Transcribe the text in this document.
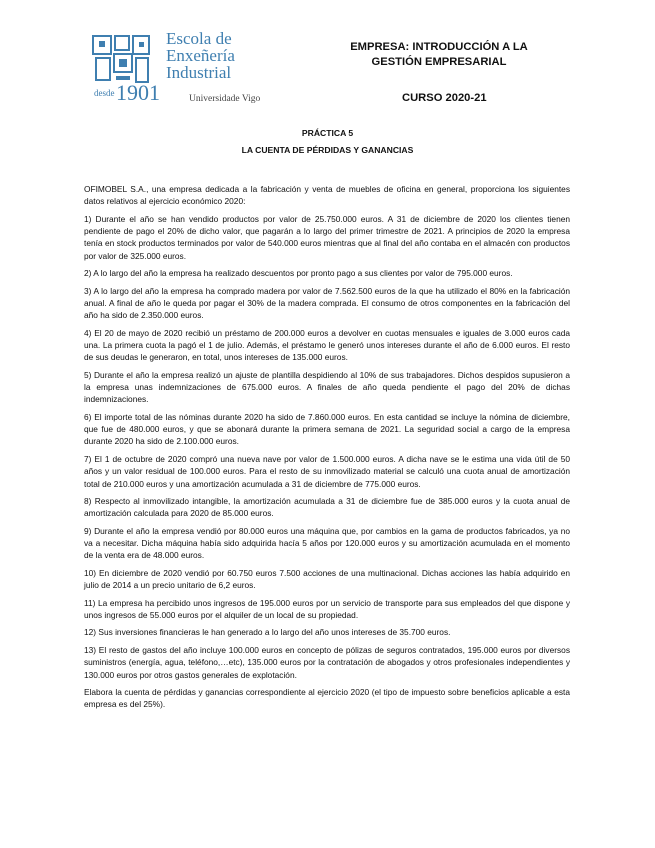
desde 1901
Escola de
Enxeñería
Industrial
Universidade Vigo
EMPRESA: INTRODUCCIÓN A LA
GESTIÓN EMPRESARIAL
CURSO 2020-21
PRÁCTICA 5
LA CUENTA DE PÉRDIDAS Y GANANCIAS

OFIMOBEL S.A., una empresa dedicada a la fabricación y venta de muebles de oficina en general, proporciona los siguientes datos relativos al ejercicio económico 2020:

1) Durante el año se han vendido productos por valor de 25.750.000 euros. A 31 de diciembre de 2020 los clientes tienen pendiente de pago el 20% de dicho valor, que pagarán a lo largo del primer trimestre de 2021. A principios de 2020 la empresa tenía en stock productos terminados por valor de 540.000 euros mientras que al final del año contaba en el almacén con productos por valor de 325.000 euros.

2) A lo largo del año la empresa ha realizado descuentos por pronto pago a sus clientes por valor de 795.000 euros.

3) A lo largo del año la empresa ha comprado madera por valor de 7.562.500 euros de la que ha utilizado el 80% en la fabricación anual. A final de año le queda por pagar el 30% de la madera comprada. El consumo de otros componentes en la fabricación del año ha sido de 2.350.000 euros.

4) El 20 de mayo de 2020 recibió un préstamo de 200.000 euros a devolver en cuotas mensuales e iguales de 3.000 euros cada una. La primera cuota la pagó el 1 de julio. Además, el préstamo le generó unos intereses durante el año de 6.000 euros. El resto de sus deudas le generaron, en total, unos intereses de 135.000 euros.

5) Durante el año la empresa realizó un ajuste de plantilla despidiendo al 10% de sus trabajadores. Dichos despidos supusieron a la empresa unas indemnizaciones de 675.000 euros. A finales de año queda pendiente el pago del 20% de dichas indemnizaciones.

6) El importe total de las nóminas durante 2020 ha sido de 7.860.000 euros. En esta cantidad se incluye la nómina de diciembre, que fue de 480.000 euros, y que se abonará durante la primera semana de 2021. La seguridad social a cargo de la empresa durante 2020 ha sido de 2.100.000 euros.

7) El 1 de octubre de 2020 compró una nueva nave por valor de 1.500.000 euros. A dicha nave se le estima una vida útil de 50 años y un valor residual de 100.000 euros. Para el resto de su inmovilizado material se calculó una cuota anual de amortización total de 210.000 euros y una amortización acumulada a 31 de diciembre de 775.000 euros.

8) Respecto al inmovilizado intangible, la amortización acumulada a 31 de diciembre fue de 385.000 euros y la cuota anual de amortización calculada para 2020 de 85.000 euros.

9) Durante el año la empresa vendió por 80.000 euros una máquina que, por cambios en la gama de productos fabricados, ya no va a necesitar. Dicha máquina había sido adquirida hacía 5 años por 120.000 euros y su amortización acumulada en el momento de la venta era de 48.000 euros.

10) En diciembre de 2020 vendió por 60.750 euros 7.500 acciones de una multinacional. Dichas acciones las había adquirido en julio de 2014 a un precio unitario de 6,2 euros.

11) La empresa ha percibido unos ingresos de 195.000 euros por un servicio de transporte para sus empleados del que dispone y unos ingresos de 55.000 euros por el alquiler de un local de su propiedad.

12) Sus inversiones financieras le han generado a lo largo del año unos intereses de 35.700 euros.

13) El resto de gastos del año incluye 100.000 euros en concepto de pólizas de seguros contratados, 195.000 euros por diversos suministros (energía, agua, teléfono,…etc), 135.000 euros por la contratación de abogados y otros profesionales independientes y 130.000 euros por otros gastos generales de explotación.

Elabora la cuenta de pérdidas y ganancias correspondiente al ejercicio 2020 (el tipo de impuesto sobre beneficios aplicable a esta empresa es del 25%).
